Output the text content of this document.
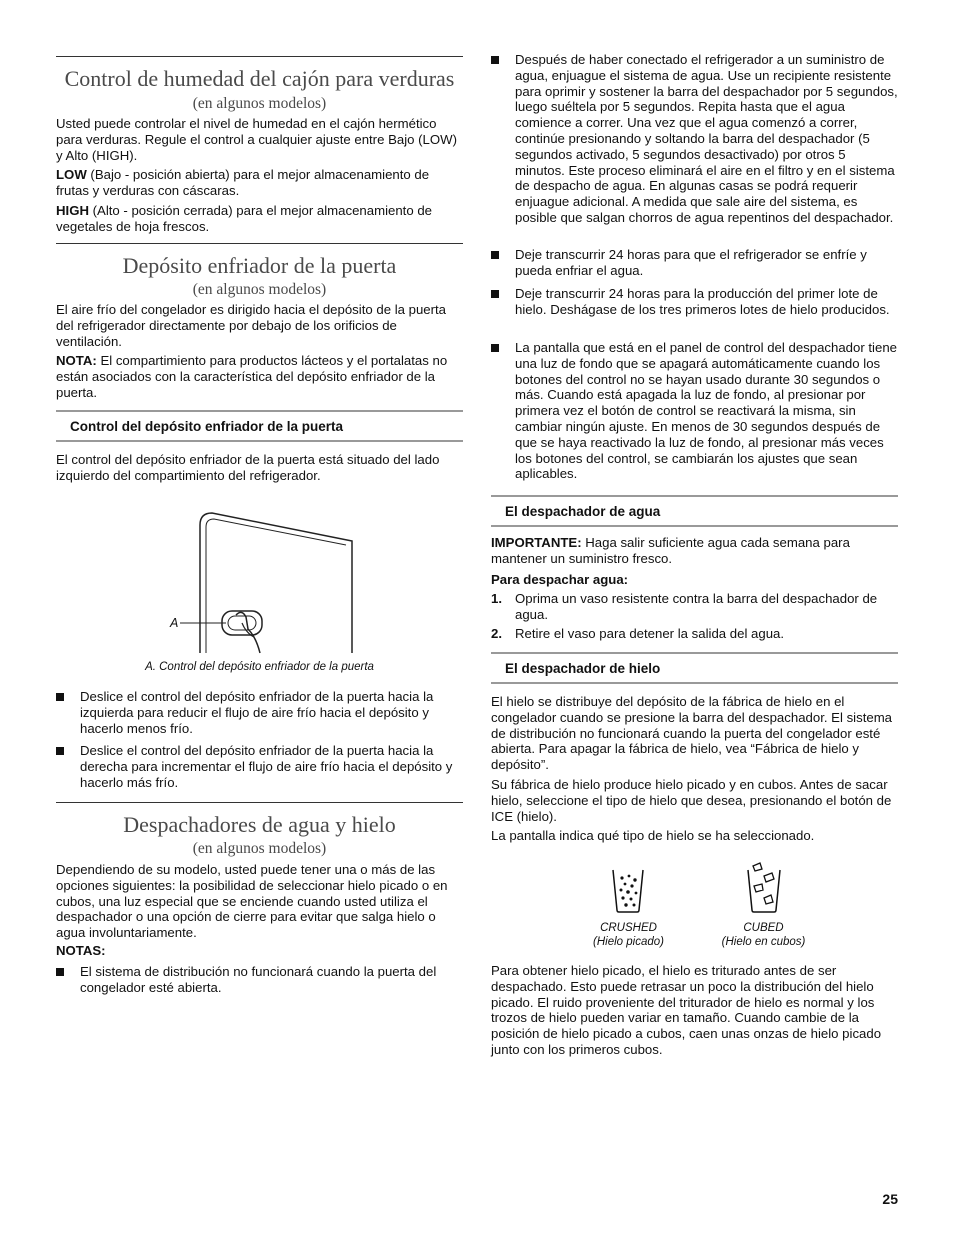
Control de humedad del cajón para verduras
(en algunos modelos)

Usted puede controlar el nivel de humedad en el cajón hermético para verduras. Regule el control a cualquier ajuste entre Bajo (LOW) y Alto (HIGH).

LOW (Bajo - posición abierta) para el mejor almacenamiento de frutas y verduras con cáscaras.

HIGH (Alto - posición cerrada) para el mejor almacenamiento de vegetales de hoja frescos.

Depósito enfriador de la puerta
(en algunos modelos)

El aire frío del congelador es dirigido hacia el depósito de la puerta del refrigerador directamente por debajo de los orificios de ventilación.

NOTA: El compartimiento para productos lácteos y el portalatas no están asociados con la característica del depósito enfriador de la puerta.

Control del depósito enfriador de la puerta

El control del depósito enfriador de la puerta está situado del lado izquierdo del compartimiento del refrigerador.

A
A. Control del depósito enfriador de la puerta

Deslice el control del depósito enfriador de la puerta hacia la izquierda para reducir el flujo de aire frío hacia el depósito y hacerlo menos frío.

Deslice el control del depósito enfriador de la puerta hacia la derecha para incrementar el flujo de aire frío hacia el depósito y hacerlo más frío.

Despachadores de agua y hielo
(en algunos modelos)

Dependiendo de su modelo, usted puede tener una o más de las opciones siguientes: la posibilidad de seleccionar hielo picado o en cubos, una luz especial que se enciende cuando usted utiliza el despachador o una opción de cierre para evitar que salga hielo o agua involuntariamente.

NOTAS:

El sistema de distribución no funcionará cuando la puerta del congelador esté abierta.

Después de haber conectado el refrigerador a un suministro de agua, enjuague el sistema de agua. Use un recipiente resistente para oprimir y sostener la barra del despachador por 5 segundos, luego suéltela por 5 segundos. Repita hasta que el agua comience a correr. Una vez que el agua comenzó a correr, continúe presionando y soltando la barra del despachador (5 segundos activado, 5 segundos desactivado) por otros 5 minutos. Este proceso eliminará el aire en el filtro y en el sistema de despacho de agua. En algunas casas se podrá requerir enjuague adicional. A medida que sale aire del sistema, es posible que salgan chorros de agua repentinos del despachador.

Deje transcurrir 24 horas para que el refrigerador se enfríe y pueda enfriar el agua.

Deje transcurrir 24 horas para la producción del primer lote de hielo. Deshágase de los tres primeros lotes de hielo producidos.

La pantalla que está en el panel de control del despachador tiene una luz de fondo que se apagará automáticamente cuando los botones del control no se hayan usado durante 30 segundos o más. Cuando está apagada la luz de fondo, al presionar por primera vez el botón de control se reactivará la misma, sin cambiar ningún ajuste. En menos de 30 segundos después de que se haya reactivado la luz de fondo, al presionar más veces los botones del control, se cambiarán los ajustes que sean aplicables.

El despachador de agua

IMPORTANTE: Haga salir suficiente agua cada semana para mantener un suministro fresco.

Para despachar agua:

1. Oprima un vaso resistente contra la barra del despachador de agua.

2. Retire el vaso para detener la salida del agua.

El despachador de hielo

El hielo se distribuye del depósito de la fábrica de hielo en el congelador cuando se presione la barra del despachador. El sistema de distribución no funcionará cuando la puerta del congelador esté abierta. Para apagar la fábrica de hielo, vea “Fábrica de hielo y depósito”.

Su fábrica de hielo produce hielo picado y en cubos. Antes de sacar hielo, seleccione el tipo de hielo que desea, presionando el botón de ICE (hielo).

La pantalla indica qué tipo de hielo se ha seleccionado.

CRUSHED
(Hielo picado)
CUBED
(Hielo en cubos)

Para obtener hielo picado, el hielo es triturado antes de ser despachado. Esto puede retrasar un poco la distribución del hielo picado. El ruido proveniente del triturador de hielo es normal y los trozos de hielo pueden variar en tamaño. Cuando cambie de la posición de hielo picado a cubos, caen unas onzas de hielo picado junto con los primeros cubos.

25
